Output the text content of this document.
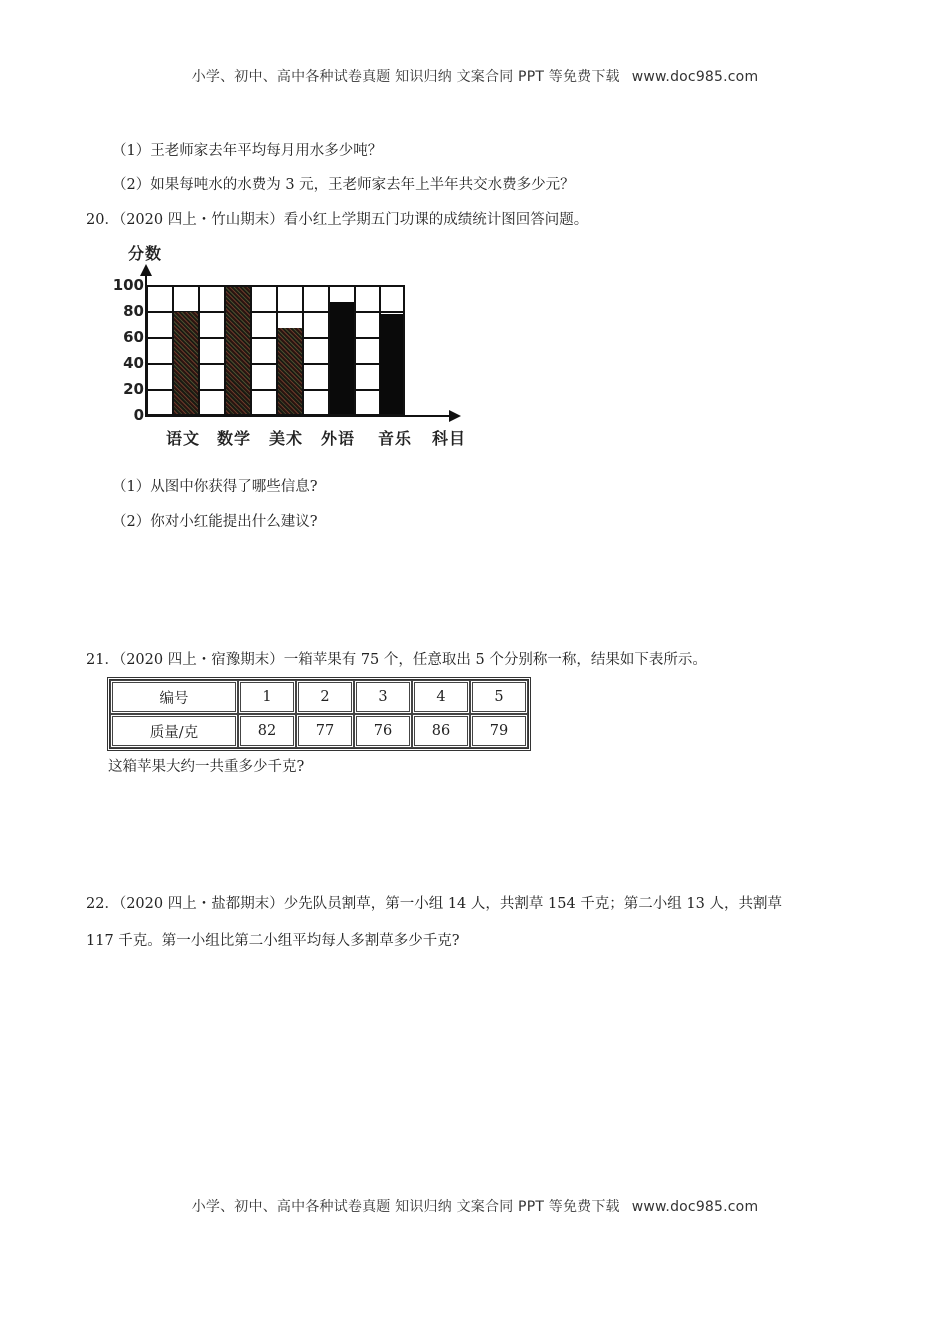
小学、初中、高中各种试卷真题 知识归纳 文案合同 PPT 等免费下载 www.doc985.com
（1）王老师家去年平均每月用水多少吨？
（2）如果每吨水的水费为 3 元，王老师家去年上半年共交水费多少元？
20．（2020 四上・竹山期末）看小红上学期五门功课的成绩统计图回答问题。
分数
100
80
60
40
20
0
语文 数学 美术 外语 音乐 科目
（1）从图中你获得了哪些信息?
（2）你对小红能提出什么建议?
21．（2020 四上・宿豫期末）一箱苹果有 75 个，任意取出 5 个分别称一称，结果如下表所示。
编号	1	2	3	4	5
质量/克	82	77	76	86	79
这箱苹果大约一共重多少千克?
22．（2020 四上・盐都期末）少先队员割草，第一小组 14 人，共割草 154 千克；第二小组 13 人，共割草
117 千克。第一小组比第二小组平均每人多割草多少千克?
小学、初中、高中各种试卷真题 知识归纳 文案合同 PPT 等免费下载 www.doc985.com
